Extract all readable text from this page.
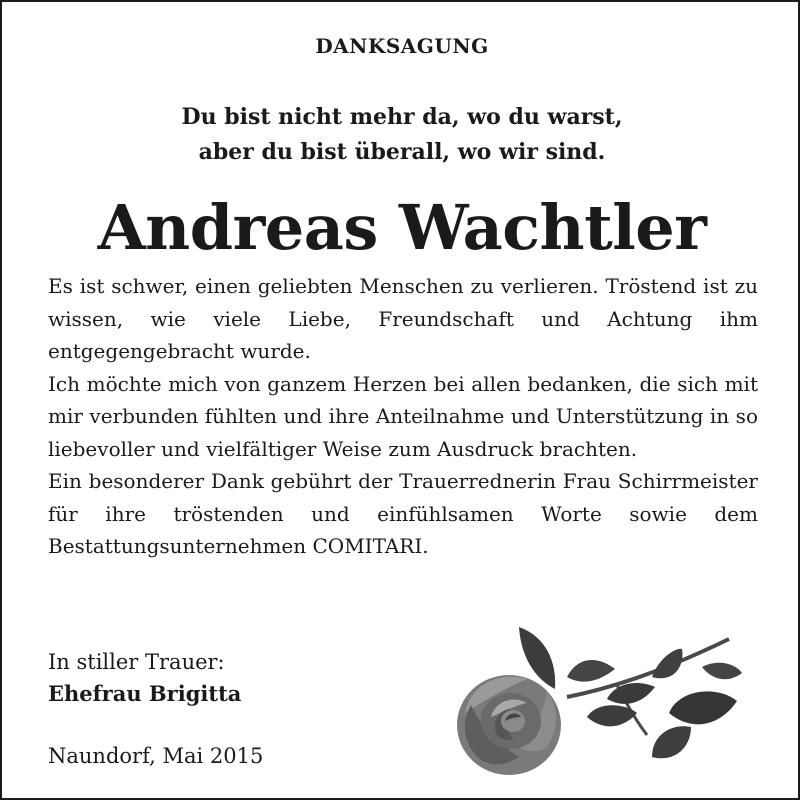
DANKSAGUNG
Du bist nicht mehr da, wo du warst,
aber du bist überall, wo wir sind.
Andreas Wachtler

Es ist schwer, einen geliebten Menschen zu verlieren. Tröstend ist zu wissen, wie viele Liebe, Freundschaft und Achtung ihm entgegengebracht wurde.

Ich möchte mich von ganzem Herzen bei allen bedanken, die sich mit mir verbunden fühlten und ihre Anteilnahme und Unterstützung in so liebevoller und vielfältiger Weise zum Ausdruck brachten.

Ein besonderer Dank gebührt der Trauerrednerin Frau Schirrmeister für ihre tröstenden und einfühlsamen Worte sowie dem Bestattungsunternehmen COMITARI.

In stiller Trauer:
Ehefrau Brigitta
Naundorf, Mai 2015
